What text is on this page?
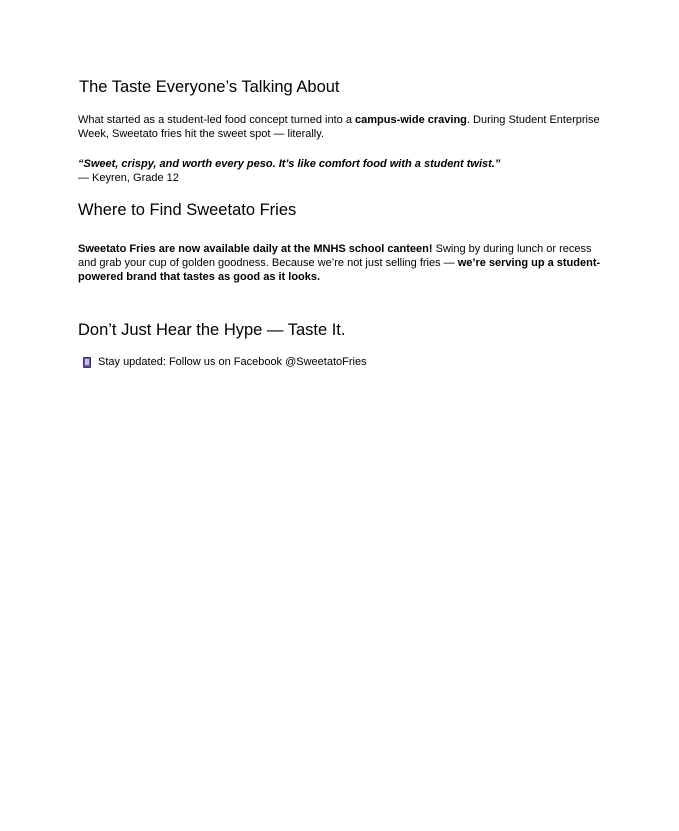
The Taste Everyone’s Talking About

What started as a student-led food concept turned into a campus-wide craving. During Student Enterprise Week, Sweetato fries hit the sweet spot — literally.

“Sweet, crispy, and worth every peso. It’s like comfort food with a student twist.”
— Keyren, Grade 12

Where to Find Sweetato Fries

Sweetato Fries are now available daily at the MNHS school canteen! Swing by during lunch or recess and grab your cup of golden goodness. Because we’re not just selling fries — we’re serving up a student-powered brand that tastes as good as it looks.

Don’t Just Hear the Hype — Taste It.

Stay updated: Follow us on Facebook @SweetatoFries
